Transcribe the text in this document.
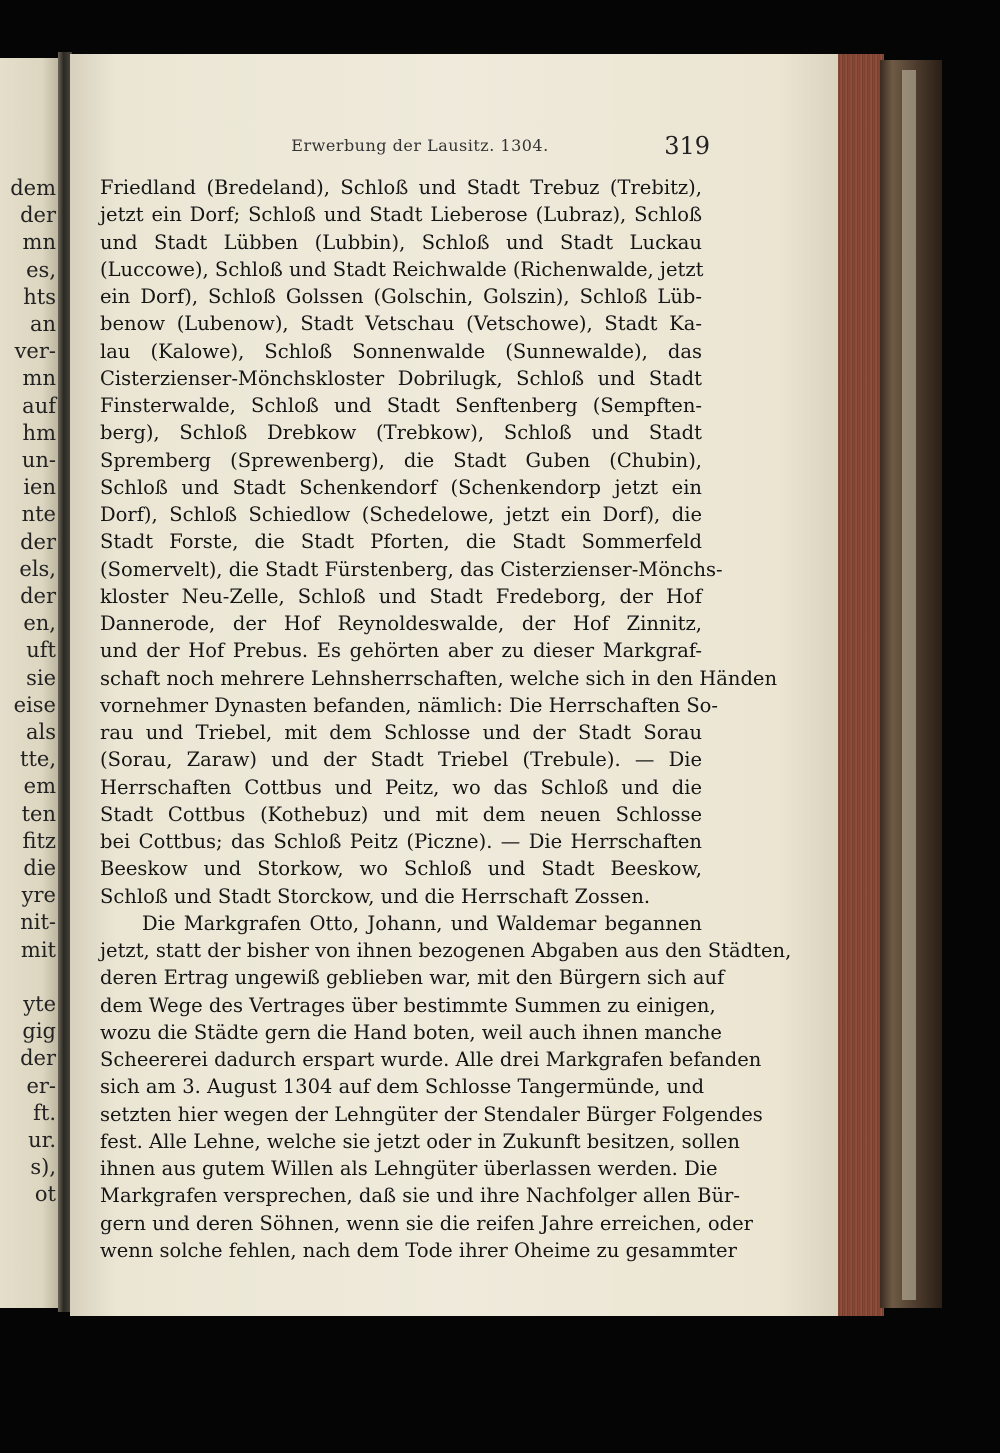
dem
der
mn
es,
hts
an
ver-
mn
auf
hm
un-
ien
nte
der
els,
der
en,
uft
sie
eise
als
tte,
em
ten
fitz
die
yre
nit-
mit
yte
gig
der
er-
ft.
ur.
s),
ot
Erwerbung der Lausitz. 1304.	319
Friedland (Bredeland), Schloß und Stadt Trebuz (Trebitz),
jetzt ein Dorf; Schloß und Stadt Lieberose (Lubraz), Schloß
und Stadt Lübben (Lubbin), Schloß und Stadt Luckau
(Luccowe), Schloß und Stadt Reichwalde (Richenwalde, jetzt
ein Dorf), Schloß Golssen (Golschin, Golszin), Schloß Lüb-
benow (Lubenow), Stadt Vetschau (Vetschowe), Stadt Ka-
lau (Kalowe), Schloß Sonnenwalde (Sunnewalde), das
Cisterzienser-Mönchskloster Dobrilugk, Schloß und Stadt
Finsterwalde, Schloß und Stadt Senftenberg (Sempften-
berg), Schloß Drebkow (Trebkow), Schloß und Stadt
Spremberg (Sprewenberg), die Stadt Guben (Chubin),
Schloß und Stadt Schenkendorf (Schenkendorp jetzt ein
Dorf), Schloß Schiedlow (Schedelowe, jetzt ein Dorf), die
Stadt Forste, die Stadt Pforten, die Stadt Sommerfeld
(Somervelt), die Stadt Fürstenberg, das Cisterzienser-Mönchs-
kloster Neu-Zelle, Schloß und Stadt Fredeborg, der Hof
Dannerode, der Hof Reynoldeswalde, der Hof Zinnitz,
und der Hof Prebus. Es gehörten aber zu dieser Markgraf-
schaft noch mehrere Lehnsherrschaften, welche sich in den Händen
vornehmer Dynasten befanden, nämlich: Die Herrschaften So-
rau und Triebel, mit dem Schlosse und der Stadt Sorau
(Sorau, Zaraw) und der Stadt Triebel (Trebule). — Die
Herrschaften Cottbus und Peitz, wo das Schloß und die
Stadt Cottbus (Kothebuz) und mit dem neuen Schlosse
bei Cottbus; das Schloß Peitz (Piczne). — Die Herrschaften
Beeskow und Storkow, wo Schloß und Stadt Beeskow,
Schloß und Stadt Storckow, und die Herrschaft Zossen.
Die Markgrafen Otto, Johann, und Waldemar begannen
jetzt, statt der bisher von ihnen bezogenen Abgaben aus den Städten,
deren Ertrag ungewiß geblieben war, mit den Bürgern sich auf
dem Wege des Vertrages über bestimmte Summen zu einigen,
wozu die Städte gern die Hand boten, weil auch ihnen manche
Scheererei dadurch erspart wurde. Alle drei Markgrafen befanden
sich am 3. August 1304 auf dem Schlosse Tangermünde, und
setzten hier wegen der Lehngüter der Stendaler Bürger Folgendes
fest. Alle Lehne, welche sie jetzt oder in Zukunft besitzen, sollen
ihnen aus gutem Willen als Lehngüter überlassen werden. Die
Markgrafen versprechen, daß sie und ihre Nachfolger allen Bür-
gern und deren Söhnen, wenn sie die reifen Jahre erreichen, oder
wenn solche fehlen, nach dem Tode ihrer Oheime zu gesammter
